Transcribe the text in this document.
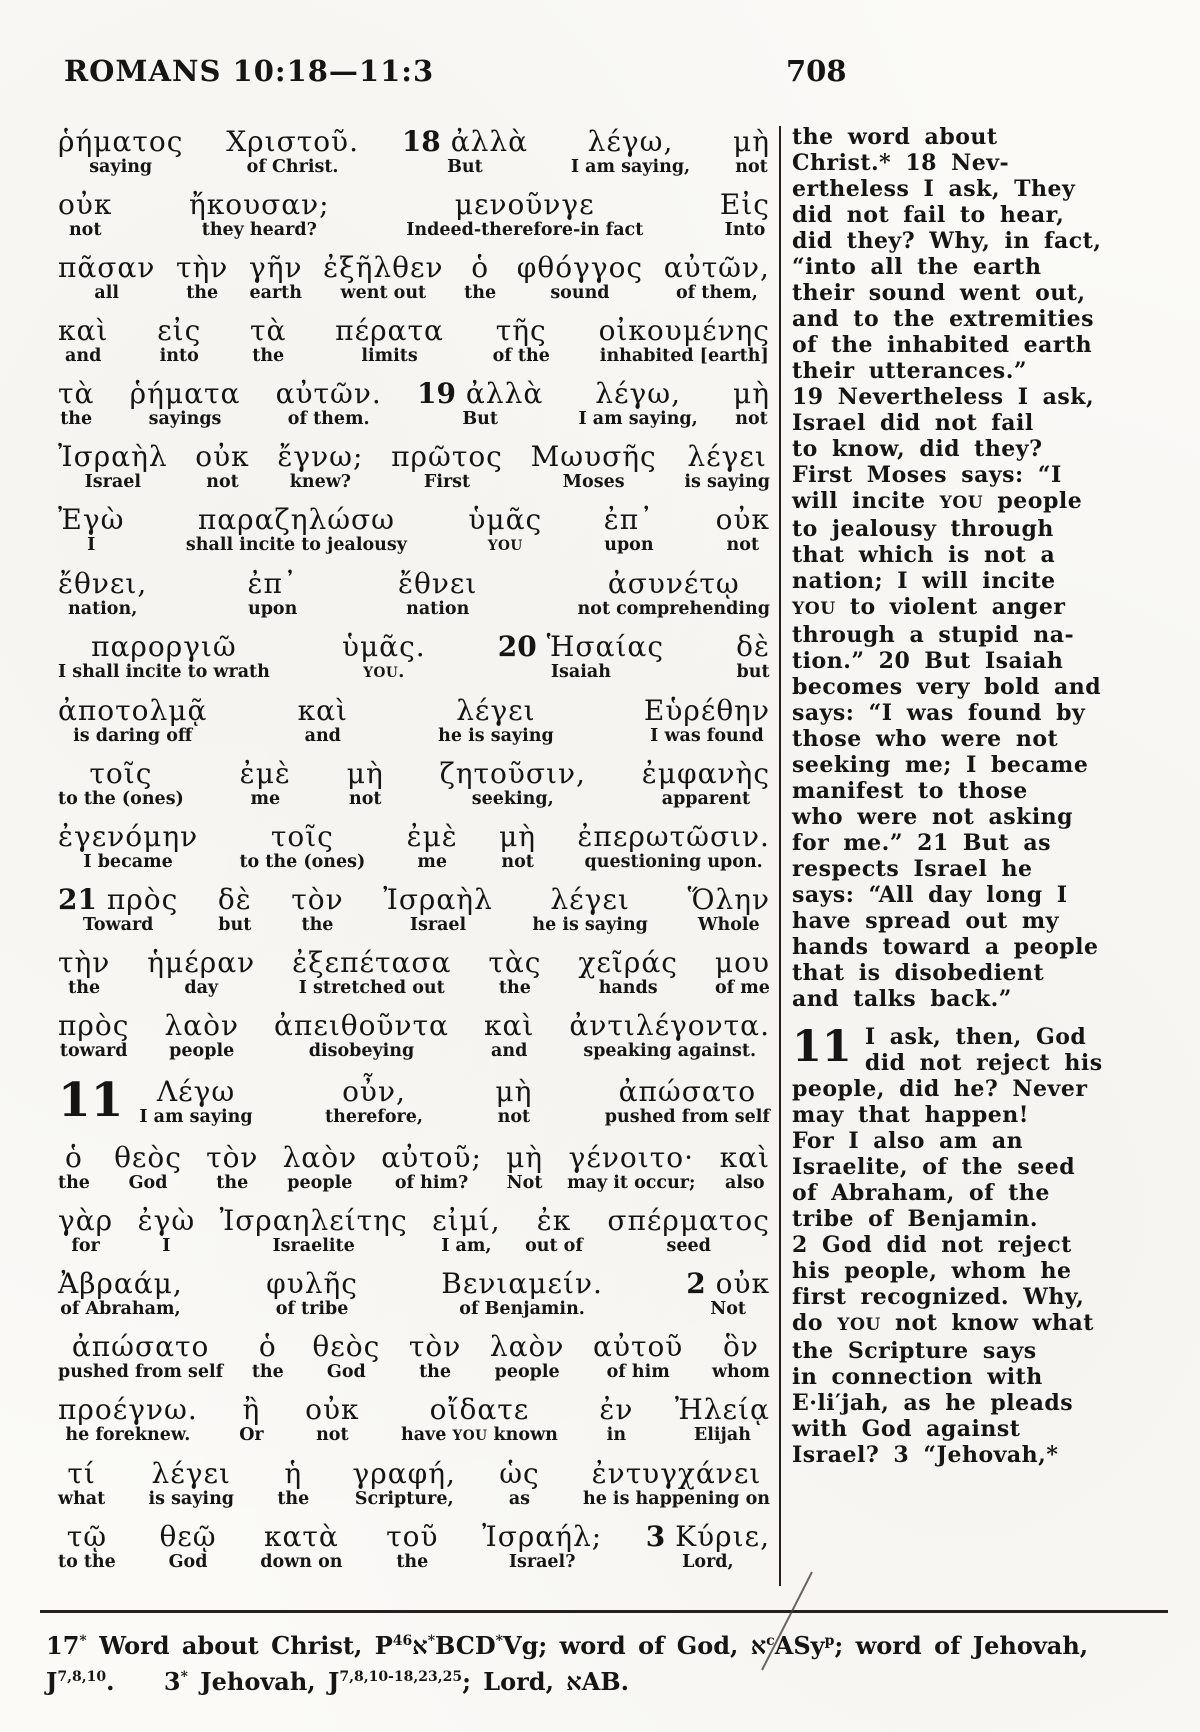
ROMANS 10:18—11:3	708
ῥήματος
saying
Χριστοῦ.
of Christ.
18 ἀλλὰ
But
λέγω,
I am saying,
μὴ
not
οὐκ
not
ἤκουσαν;
they heard?
μενοῦνγε
Indeed-therefore-in fact
Εἰς
Into
πᾶσαν
all
τὴν
the
γῆν
earth
ἐξῆλθεν
went out
ὁ
the
φθόγγος
sound
αὐτῶν,
of them,
καὶ
and
εἰς
into
τὰ
the
πέρατα
limits
τῆς
of the
οἰκουμένης
inhabited [earth]
τὰ
the
ῥήματα
sayings
αὐτῶν.
of them.
19 ἀλλὰ
But
λέγω,
I am saying,
μὴ
not
Ἰσραὴλ
Israel
οὐκ
not
ἔγνω;
knew?
πρῶτος
First
Μωυσῆς
Moses
λέγει
is saying
Ἐγὼ
I
παραζηλώσω
shall incite to jealousy
ὑμᾶς
YOU
ἐπ᾽
upon
οὐκ
not
ἔθνει,
nation,
ἐπ᾽
upon
ἔθνει
nation
ἀσυνέτῳ
not comprehending
παροργιῶ
I shall incite to wrath
ὑμᾶς.
YOU.
20 Ἡσαίας
Isaiah
δὲ
but
ἀποτολμᾷ
is daring off
καὶ
and
λέγει
he is saying
Εὑρέθην
I was found
τοῖς
to the (ones)
ἐμὲ
me
μὴ
not
ζητοῦσιν,
seeking,
ἐμφανὴς
apparent
ἐγενόμην
I became
τοῖς
to the (ones)
ἐμὲ
me
μὴ
not
ἐπερωτῶσιν.
questioning upon.
21 πρὸς
Toward
δὲ
but
τὸν
the
Ἰσραὴλ
Israel
λέγει
he is saying
Ὅλην
Whole
τὴν
the
ἡμέραν
day
ἐξεπέτασα
I stretched out
τὰς
the
χεῖράς
hands
μου
of me
πρὸς
toward
λαὸν
people
ἀπειθοῦντα
disobeying
καὶ
and
ἀντιλέγοντα.
speaking against.
11 Λέγω
I am saying
οὖν,
therefore,
μὴ
not
ἀπώσατο
pushed from self
ὁ
the
θεὸς
God
τὸν
the
λαὸν
people
αὐτοῦ;
of him?
μὴ
Not
γένοιτο·
may it occur;
καὶ
also
γὰρ
for
ἐγὼ
I
Ἰσραηλείτης
Israelite
εἰμί,
I am,
ἐκ
out of
σπέρματος
seed
Ἀβραάμ,
of Abraham,
φυλῆς
of tribe
Βενιαμείν.
of Benjamin.
2 οὐκ
Not
ἀπώσατο
pushed from self
ὁ
the
θεὸς
God
τὸν
the
λαὸν
people
αὐτοῦ
of him
ὃν
whom
προέγνω.
he foreknew.
ἢ
Or
οὐκ
not
οἴδατε
have YOU known
ἐν
in
Ἠλείᾳ
Elijah
τί
what
λέγει
is saying
ἡ
the
γραφή,
Scripture,
ὡς
as
ἐντυγχάνει
he is happening on
τῷ
to the
θεῷ
God
κατὰ
down on
τοῦ
the
Ἰσραήλ;
Israel?
3 Κύριε,
Lord,
the word about
Christ.* 18 Nev-
ertheless I ask, They
did not fail to hear,
did they? Why, in fact,
“into all the earth
their sound went out,
and to the extremities
of the inhabited earth
their utterances.”
19 Nevertheless I ask,
Israel did not fail
to know, did they?
First Moses says: “I
will incite YOU people
to jealousy through
that which is not a
nation; I will incite
YOU to violent anger
through a stupid na-
tion.” 20 But Isaiah
becomes very bold and
says: “I was found by
those who were not
seeking me; I became
manifest to those
who were not asking
for me.” 21 But as
respects Israel he
says: “All day long I
have spread out my
hands toward a people
that is disobedient
and talks back.”
11 I ask, then, God
did not reject his
people, did he? Never
may that happen!
For I also am an
Israelite, of the seed
of Abraham, of the
tribe of Benjamin.
2 God did not reject
his people, whom he
first recognized. Why,
do YOU not know what
the Scripture says
in connection with
E·li′jah, as he pleads
with God against
Israel? 3 “Jehovah,*
17* Word about Christ, $P^{46}א^*BCD^*Vg$; word of God, א$^c$ASy$^p$; word of Jehovah,
J$^{7,8,10}$.    3* Jehovah, J$^{7,8,10-18,23,25}$; Lord, אAB.
